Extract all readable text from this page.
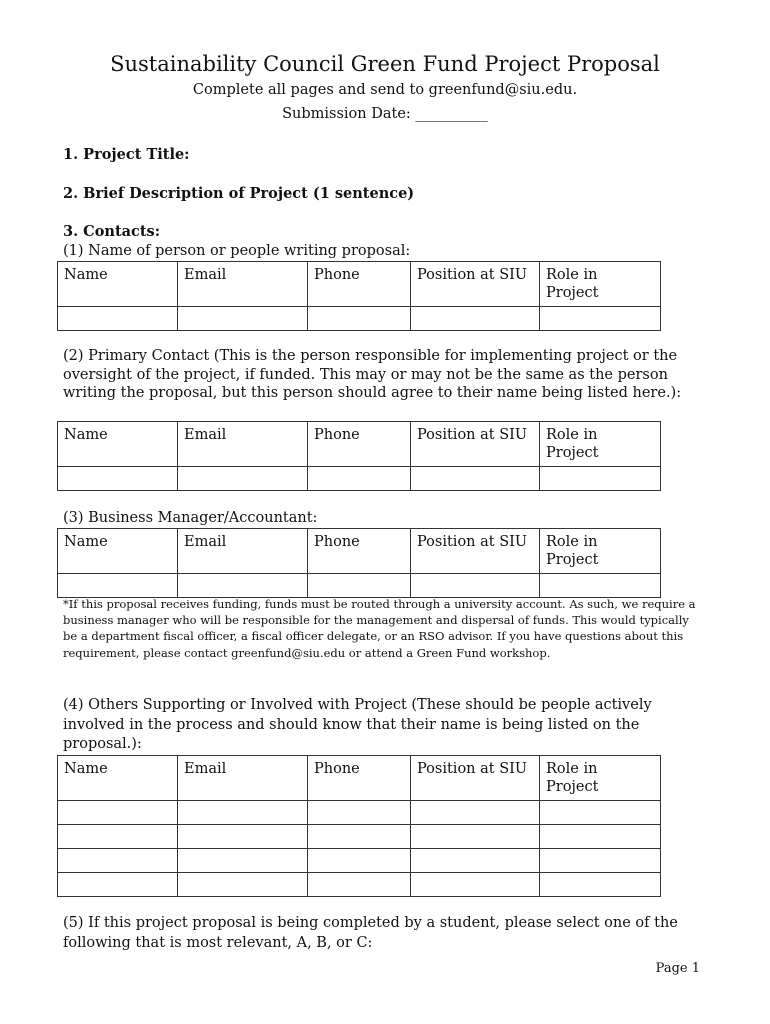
Sustainability Council Green Fund Project Proposal
Complete all pages and send to greenfund@siu.edu.
Submission Date: __________
1. Project Title:
2. Brief Description of Project (1 sentence)
3. Contacts:
(1) Name of person or people writing proposal:
Name	Email	Phone	Position at SIU	Role in Project

(2) Primary Contact (This is the person responsible for implementing project or the oversight of the project, if funded. This may or may not be the same as the person writing the proposal, but this person should agree to their name being listed here.):
Name	Email	Phone	Position at SIU	Role in Project

(3) Business Manager/Accountant:
Name	Email	Phone	Position at SIU	Role in Project

*If this proposal receives funding, funds must be routed through a university account. As such, we require a business manager who will be responsible for the management and dispersal of funds. This would typically be a department fiscal officer, a fiscal officer delegate, or an RSO advisor. If you have questions about this requirement, please contact greenfund@siu.edu or attend a Green Fund workshop.
(4) Others Supporting or Involved with Project (These should be people actively involved in the process and should know that their name is being listed on the proposal.):
Name	Email	Phone	Position at SIU	Role in Project

(5) If this project proposal is being completed by a student, please select one of the following that is most relevant, A, B, or C:
Page 1
